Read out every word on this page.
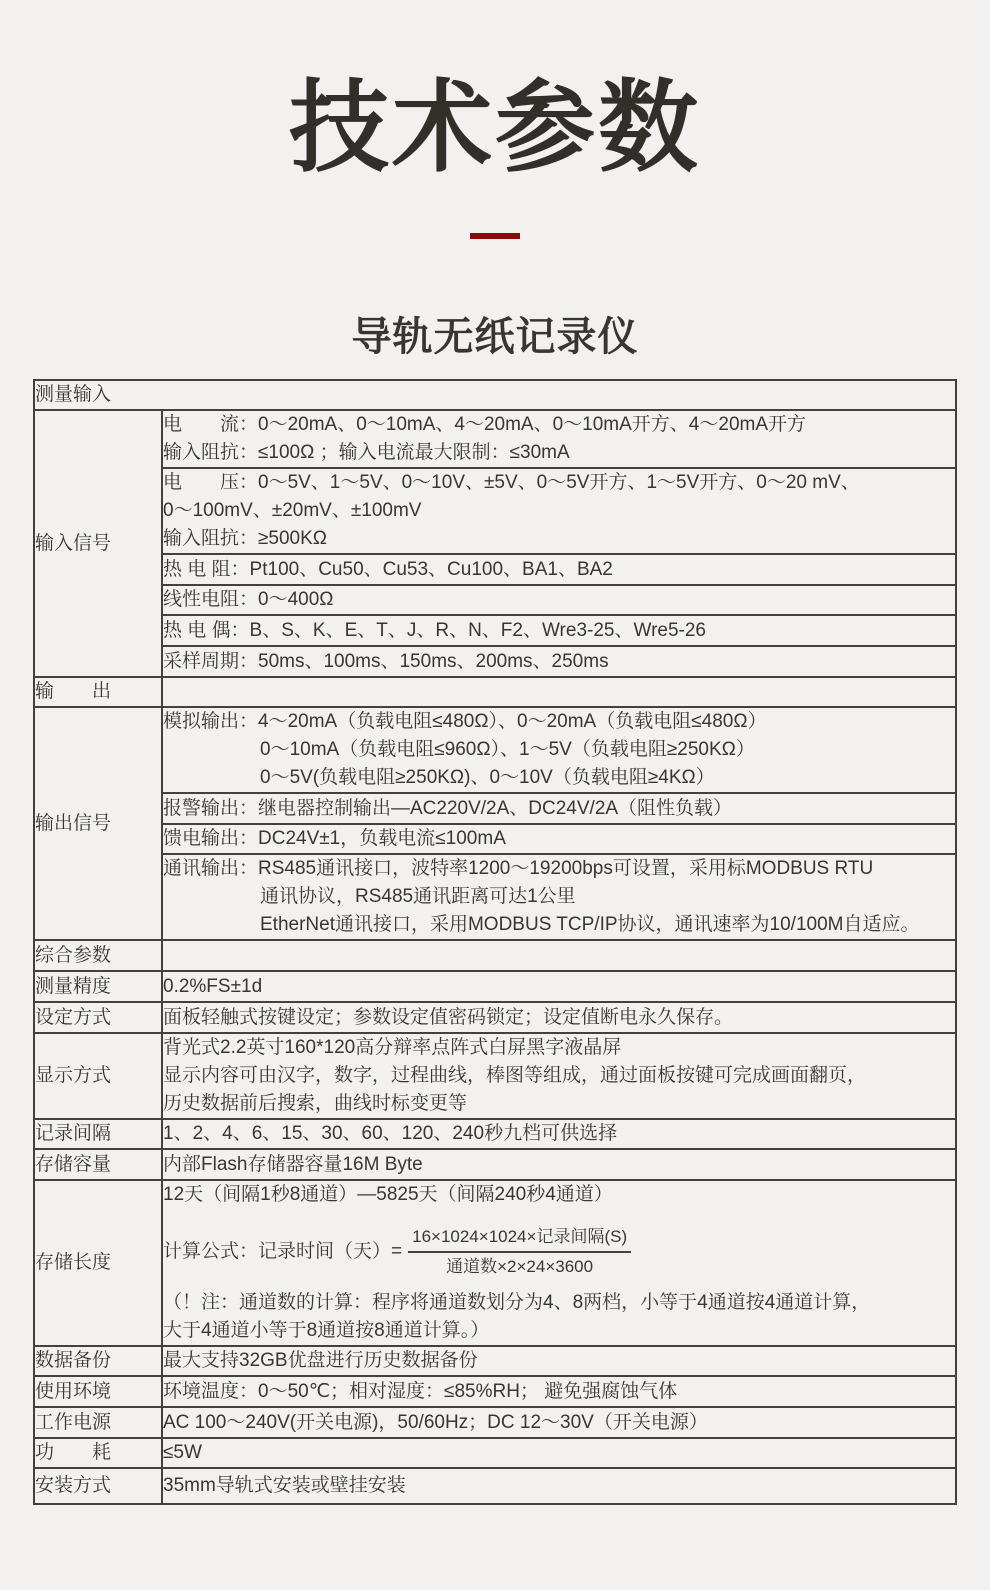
技术参数
导轨无纸记录仪
测量输入	
输入信号	电　　流：0～20mA、0～10mA、4～20mA、0～10mA开方、4～20mA开方
输入阻抗：≤100Ω ；输入电流最大限制：≤30mA

	电　　压：0～5V、1～5V、0～10V、±5V、0～5V开方、1～5V开方、0～20 mV、
0～100mV、±20mV、±100mV
输入阻抗：≥500KΩ

	热 电 阻：Pt100、Cu50、Cu53、Cu100、BA1、BA2
	线性电阻：0～400Ω
	热 电 偶：B、S、K、E、T、J、R、N、F2、Wre3-25、Wre5-26
	采样周期：50ms、100ms、150ms、200ms、250ms
输　　出	
输出信号	模拟输出：4～20mA（负载电阻≤480Ω）、0～20mA（负载电阻≤480Ω）
0～10mA（负载电阻≤960Ω）、1～5V（负载电阻≥250KΩ）
0～5V(负载电阻≥250KΩ)、0～10V（负载电阻≥4KΩ）

	报警输出：继电器控制输出—AC220V/2A、DC24V/2A（阻性负载）
	馈电输出：DC24V±1，负载电流≤100mA

	通讯输出：RS485通讯接口，波特率1200～19200bps可设置，采用标MODBUS RTU
通讯协议，RS485通讯距离可达1公里
EtherNet通讯接口，采用MODBUS TCP/IP协议，通讯速率为10/100M自适应。

综合参数	
测量精度	0.2%FS±1d
设定方式	面板轻触式按键设定；参数设定值密码锁定；设定值断电永久保存。
显示方式	背光式2.2英寸160*120高分辩率点阵式白屏黑字液晶屏
显示内容可由汉字，数字，过程曲线，棒图等组成，通过面板按键可完成画面翻页，
历史数据前后搜索，曲线时标变更等

记录间隔	1、2、4、6、15、30、60、120、240秒九档可供选择
存储容量	内部Flash存储器容量16M Byte
存储长度	
12天（间隔1秒8通道）—5825天（间隔240秒4通道）
计算公式：记录时间（天）= $\frac{\text{16×1024×1024×记录间隔(S)}}{\text{通道数×2×24×3600}}$
（！注：通道数的计算：程序将通道数划分为4、8两档，小等于4通道按4通道计算，
大于4通道小等于8通道按8通道计算。）

数据备份	最大支持32GB优盘进行历史数据备份
使用环境	环境温度：0～50℃；相对湿度：≤85%RH； 避免强腐蚀气体
工作电源	AC 100～240V(开关电源)，50/60Hz；DC 12～30V（开关电源）
功　　耗	≤5W
安装方式	35mm导轨式安装或壁挂安装
